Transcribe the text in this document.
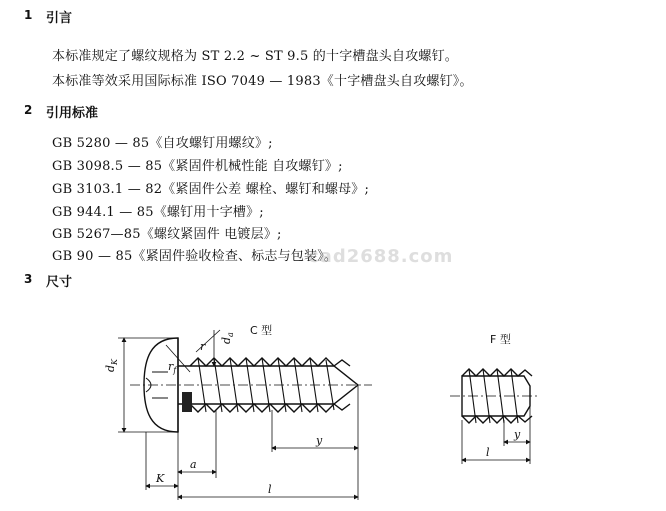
1 引言
本标准规定了螺纹规格为 ST 2.2 ~ ST 9.5 的十字槽盘头自攻螺钉。
本标准等效采用国际标准 ISO 7049 — 1983《十字槽盘头自攻螺钉》。
2 引用标准
GB 5280 — 85《自攻螺钉用螺纹》;
GB 3098.5 — 85《紧固件机械性能 自攻螺钉》;
GB 3103.1 — 82《紧固件公差 螺栓、螺钉和螺母》;
GB 944.1 — 85《螺钉用十字槽》;
GB 5267—85《螺纹紧固件 电镀层》;
GB 90 — 85《紧固件验收检查、标志与包装》。
cad2688.com
3 尺寸
C 型
F 型
$d_K$
$d_a$
$r_f$
r
a
y
K
l
y
l
